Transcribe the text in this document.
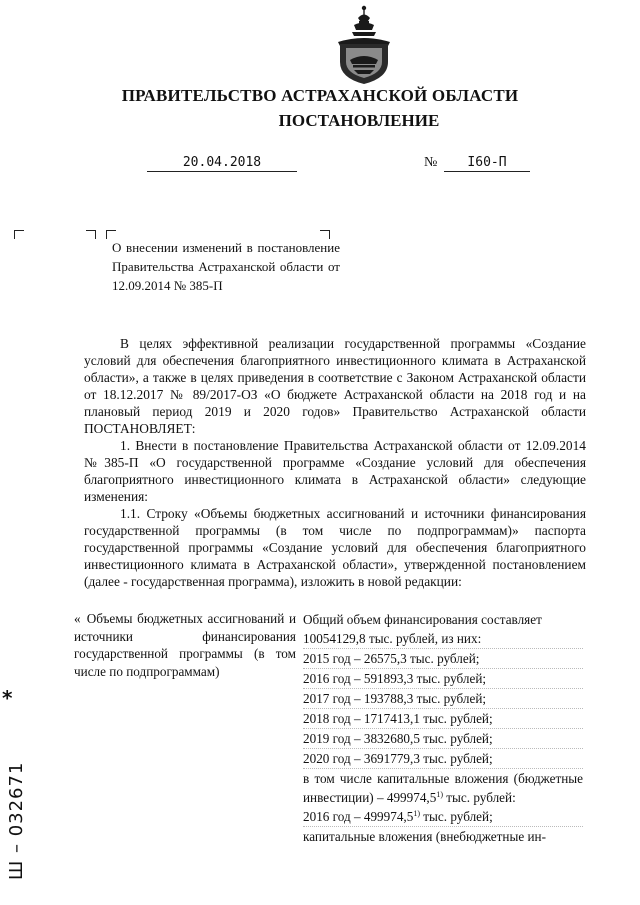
ПРАВИТЕЛЬСТВО АСТРАХАНСКОЙ ОБЛАСТИ
ПОСТАНОВЛЕНИЕ
20.04.2018	№	I60-П
О внесении изменений в постановление Правительства Астраханской области от 12.09.2014 № 385-П

В целях эффективной реализации государственной программы «Создание условий для обеспечения благоприятного инвестиционного климата в Астраханской области», а также в целях приведения в соответствие с Законом Астраханской области от 18.12.2017 № 89/2017-ОЗ «О бюджете Астраханской области на 2018 год и на плановый период 2019 и 2020 годов» Правительство Астраханской области ПОСТАНОВЛЯЕТ:

1. Внести в постановление Правительства Астраханской области от 12.09.2014 №385-П «О государственной программе «Создание условий для обеспечения благоприятного инвестиционного климата в Астраханской области» следующие изменения:

1.1. Строку «Объемы бюджетных ассигнований и источники финансирования государственной программы (в том числе по подпрограммам)» паспорта государственной программы «Создание условий для обеспечения благоприятного инвестиционного климата в Астраханской области», утвержденной постановлением (далее - государственная программа), изложить в новой редакции:

« Объемы бюджетных ассигнований и источники финансирования государственной программы (в том числе по подпрограммам)
Общий объем финансирования составляет
10054129,8 тыс. рублей, из них:
2015 год – 26575,3 тыс. рублей;
2016 год – 591893,3 тыс. рублей;
2017 год – 193788,3 тыс. рублей;
2018 год – 1717413,1 тыс. рублей;
2019 год – 3832680,5 тыс. рублей;
2020 год – 3691779,3 тыс. рублей;
в том числе капитальные вложения (бюджетные инвестиции) – 499974,5$^{1)}$ тыс. рублей:
2016 год – 499974,5$^{1)}$ тыс. рублей;
капитальные вложения (внебюджетные ин-
*
Ш – 032671
